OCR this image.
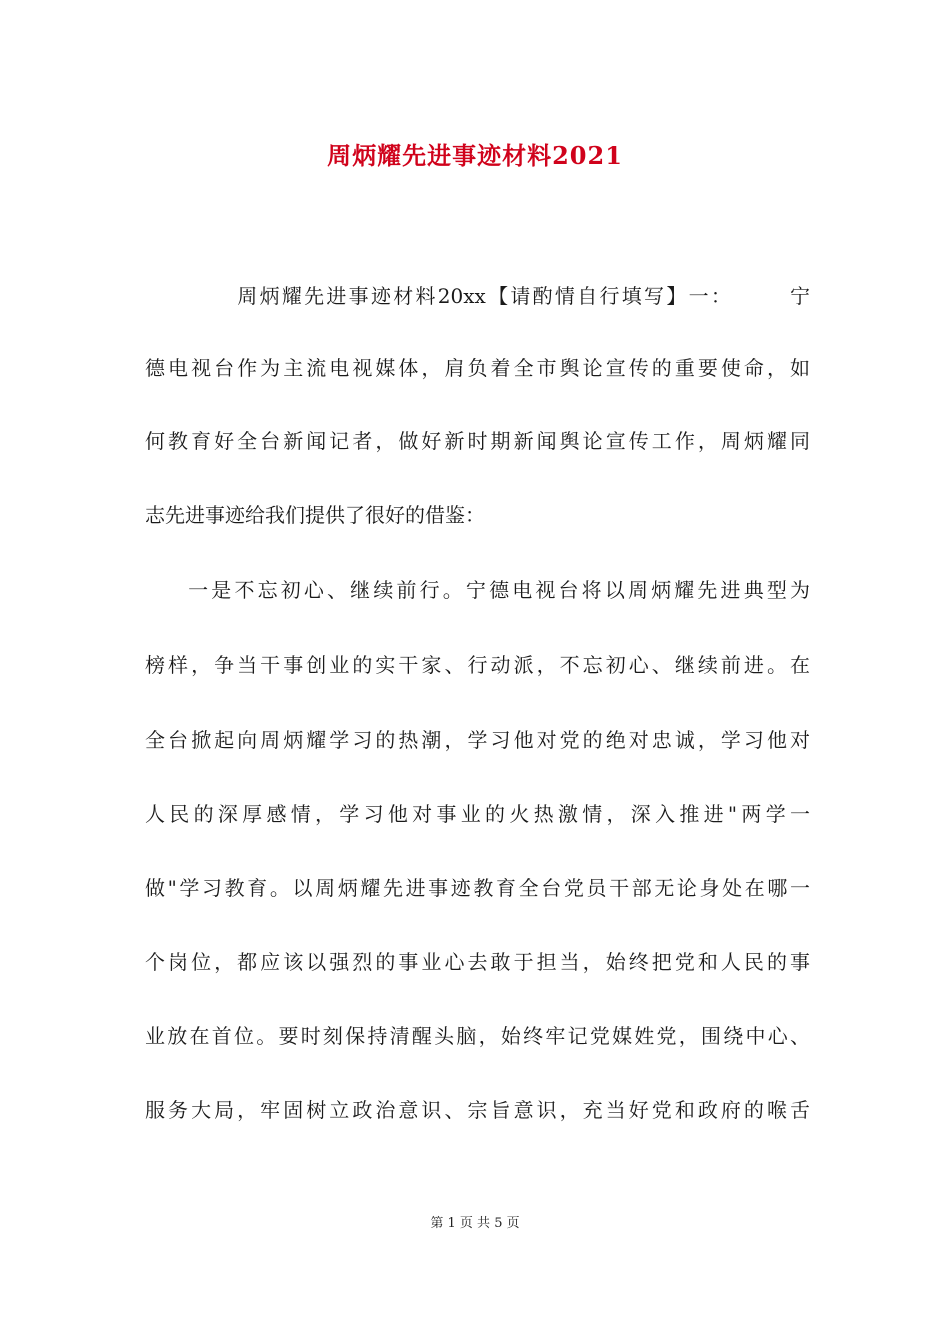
周炳耀先进事迹材料2021

周炳耀先进事迹材料20xx【请酌情自行填写】一：　　　宁

德电视台作为主流电视媒体，肩负着全市舆论宣传的重要使命，如

何教育好全台新闻记者，做好新时期新闻舆论宣传工作，周炳耀同

志先进事迹给我们提供了很好的借鉴：

一是不忘初心、继续前行。宁德电视台将以周炳耀先进典型为

榜样，争当干事创业的实干家、行动派，不忘初心、继续前进。在

全台掀起向周炳耀学习的热潮，学习他对党的绝对忠诚，学习他对

人民的深厚感情，学习他对事业的火热激情，深入推进"两学一

做"学习教育。以周炳耀先进事迹教育全台党员干部无论身处在哪一

个岗位，都应该以强烈的事业心去敢于担当，始终把党和人民的事

业放在首位。要时刻保持清醒头脑，始终牢记党媒姓党，围绕中心、

服务大局，牢固树立政治意识、宗旨意识，充当好党和政府的喉舌

第 1 页 共 5 页
